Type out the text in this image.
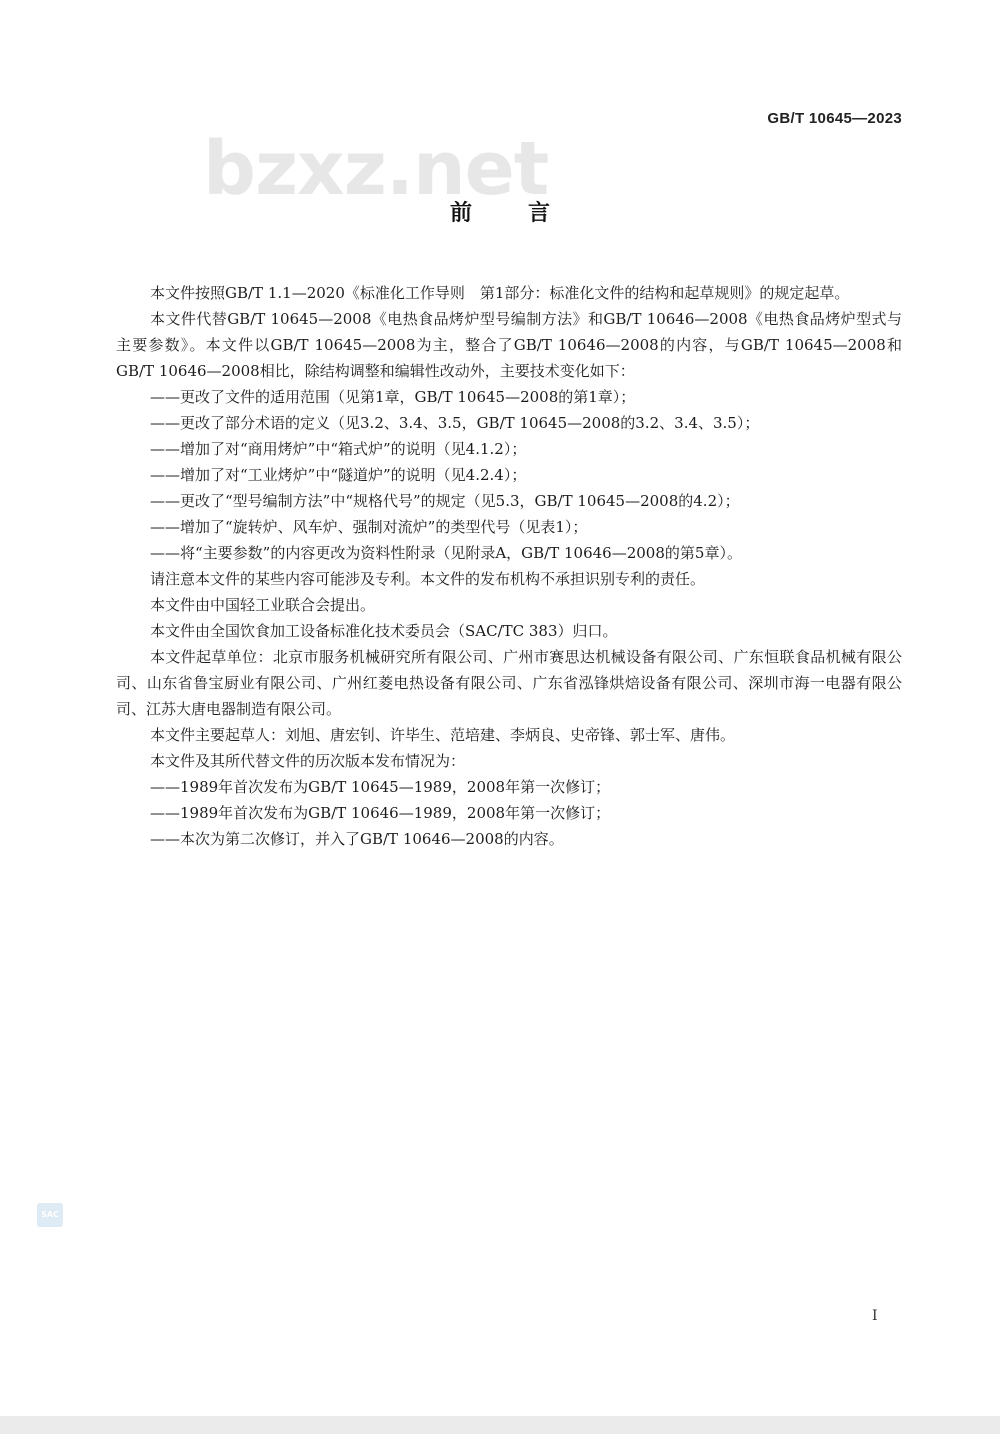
GB/T 10645—2023
bzxz.net
前言

本文件按照GB/T 1.1—2020《标准化工作导则　第1部分：标准化文件的结构和起草规则》的规定起草。

本文件代替GB/T 10645—2008《电热食品烤炉型号编制方法》和GB/T 10646—2008《电热食品烤炉型式与主要参数》。本文件以GB/T 10645—2008为主，整合了GB/T 10646—2008的内容，与GB/T 10645—2008和GB/T 10646—2008相比，除结构调整和编辑性改动外，主要技术变化如下：

——更改了文件的适用范围（见第1章，GB/T 10645—2008的第1章）；

——更改了部分术语的定义（见3.2、3.4、3.5，GB/T 10645—2008的3.2、3.4、3.5）；

——增加了对“商用烤炉”中“箱式炉”的说明（见4.1.2）；

——增加了对“工业烤炉”中“隧道炉”的说明（见4.2.4）；

——更改了“型号编制方法”中“规格代号”的规定（见5.3，GB/T 10645—2008的4.2）；

——增加了“旋转炉、风车炉、强制对流炉”的类型代号（见表1）；

——将“主要参数”的内容更改为资料性附录（见附录A，GB/T 10646—2008的第5章）。

请注意本文件的某些内容可能涉及专利。本文件的发布机构不承担识别专利的责任。

本文件由中国轻工业联合会提出。

本文件由全国饮食加工设备标准化技术委员会（SAC/TC 383）归口。

本文件起草单位：北京市服务机械研究所有限公司、广州市赛思达机械设备有限公司、广东恒联食品机械有限公司、山东省鲁宝厨业有限公司、广州红菱电热设备有限公司、广东省泓锋烘焙设备有限公司、深圳市海一电器有限公司、江苏大唐电器制造有限公司。

本文件主要起草人：刘旭、唐宏钊、许毕生、范培建、李炳良、史帝锋、郭士军、唐伟。

本文件及其所代替文件的历次版本发布情况为：

——1989年首次发布为GB/T 10645—1989，2008年第一次修订；

——1989年首次发布为GB/T 10646—1989，2008年第一次修订；

——本次为第二次修订，并入了GB/T 10646—2008的内容。

SAC
I
